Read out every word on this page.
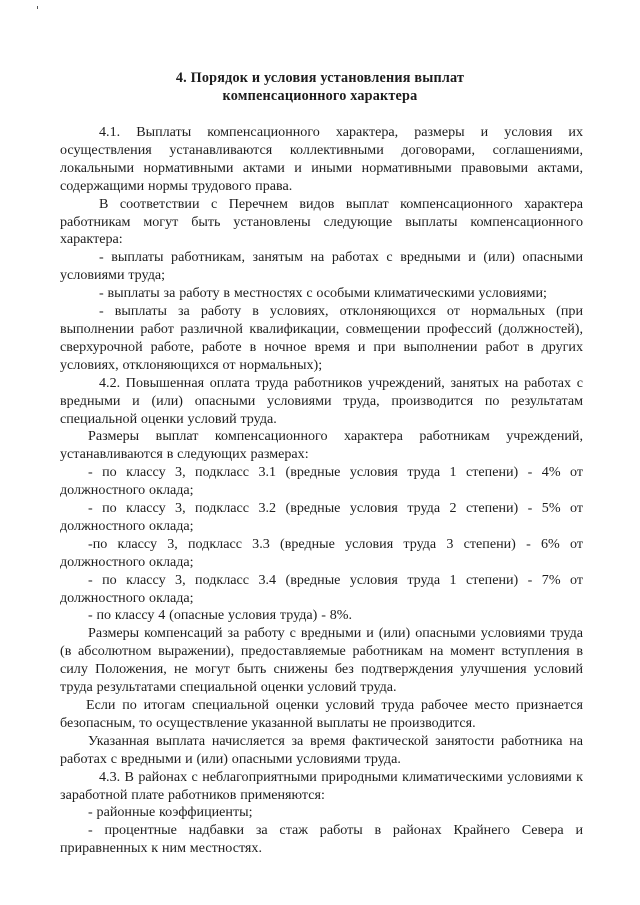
4. Порядок и условия установления выплат
компенсационного характера

4.1. Выплаты компенсационного характера, размеры и условия их осуществления устанавливаются коллективными договорами, соглашениями, локальными нормативными актами и иными нормативными правовыми актами, содержащими нормы трудового права.

В соответствии с Перечнем видов выплат компенсационного характера работникам могут быть установлены следующие выплаты компенсационного характера:

- выплаты работникам, занятым на работах с вредными и (или) опасными условиями труда;

- выплаты за работу в местностях с особыми климатическими условиями;

- выплаты за работу в условиях, отклоняющихся от нормальных (при выполнении работ различной квалификации, совмещении профессий (должностей), сверхурочной работе, работе в ночное время и при выполнении работ в других условиях, отклоняющихся от нормальных);

4.2. Повышенная оплата труда работников учреждений, занятых на работах с вредными и (или) опасными условиями труда, производится по результатам специальной оценки условий труда.

Размеры выплат компенсационного характера работникам учреждений, устанавливаются в следующих размерах:

- по классу 3, подкласс 3.1 (вредные условия труда 1 степени) - 4% от должностного оклада;

- по классу 3, подкласс 3.2 (вредные условия труда 2 степени) - 5% от должностного оклада;

-по классу 3, подкласс 3.3 (вредные условия труда 3 степени) - 6% от должностного оклада;

- по классу 3, подкласс 3.4 (вредные условия труда 1 степени) - 7% от должностного оклада;

- по классу 4 (опасные условия труда) - 8%.

Размеры компенсаций за работу с вредными и (или) опасными условиями труда (в абсолютном выражении), предоставляемые работникам на момент вступления в силу Положения, не могут быть снижены без подтверждения улучшения условий труда результатами специальной оценки условий труда.

Если по итогам специальной оценки условий труда рабочее место признается безопасным, то осуществление указанной выплаты не производится.

Указанная выплата начисляется за время фактической занятости работника на работах с вредными и (или) опасными условиями труда.

4.3. В районах с неблагоприятными природными климатическими условиями к заработной плате работников применяются:

- районные коэффициенты;

- процентные надбавки за стаж работы в районах Крайнего Севера и приравненных к ним местностях.
